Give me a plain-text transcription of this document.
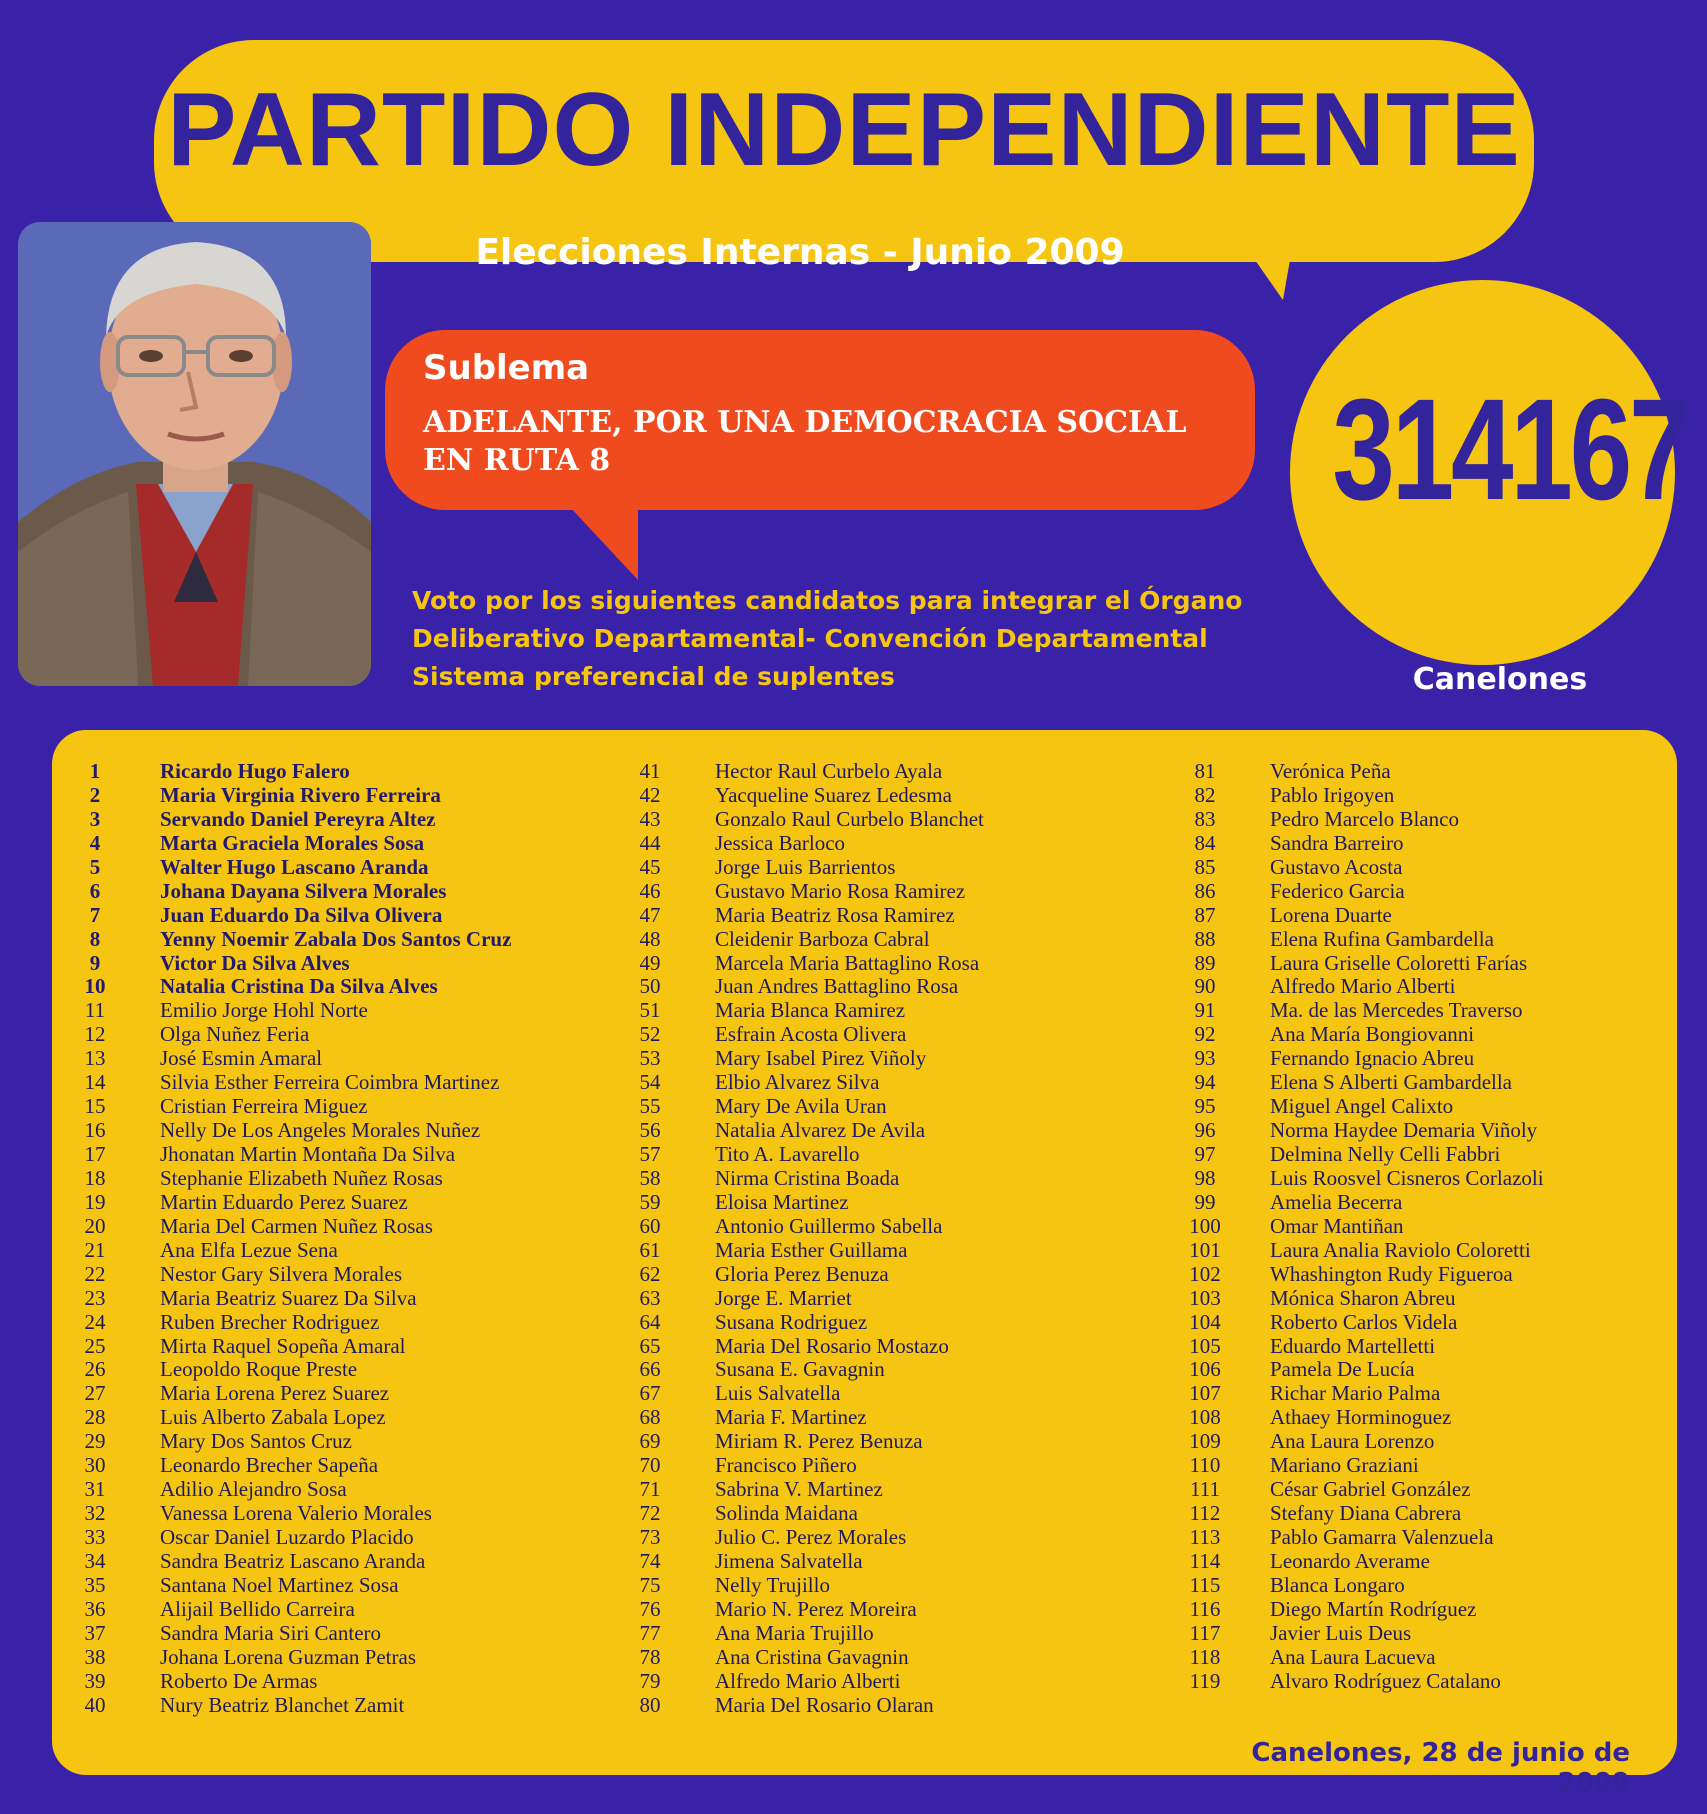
PARTIDO INDEPENDIENTE

Elecciones Internas - Junio 2009

Sublema

ADELANTE, POR UNA DEMOCRACIA SOCIAL EN RUTA 8	314167

Canelones

Voto por los siguientes candidatos para integrar el Órgano
Deliberativo Departamental- Convención Departamental
Sistema preferencial de suplentes
1	Ricardo Hugo Falero
2	Maria Virginia Rivero Ferreira
3	Servando Daniel Pereyra Altez
4	Marta Graciela Morales Sosa
5	Walter Hugo Lascano Aranda
6	Johana Dayana Silvera Morales
7	Juan Eduardo Da Silva Olivera
8	Yenny Noemir Zabala Dos Santos Cruz
9	Victor Da Silva Alves
10	Natalia Cristina Da Silva Alves
11	Emilio Jorge Hohl Norte
12	Olga Nuñez Feria
13	José Esmin Amaral
14	Silvia Esther Ferreira Coimbra Martinez
15	Cristian Ferreira Miguez
16	Nelly De Los Angeles Morales Nuñez
17	Jhonatan Martin Montaña Da Silva
18	Stephanie Elizabeth Nuñez Rosas
19	Martin Eduardo Perez Suarez
20	Maria Del Carmen Nuñez Rosas
21	Ana Elfa Lezue Sena
22	Nestor Gary Silvera Morales
23	Maria Beatriz Suarez Da Silva
24	Ruben Brecher Rodriguez
25	Mirta Raquel Sopeña Amaral
26	Leopoldo Roque Preste
27	Maria Lorena Perez Suarez
28	Luis Alberto Zabala Lopez
29	Mary Dos Santos Cruz
30	Leonardo Brecher Sapeña
31	Adilio Alejandro Sosa
32	Vanessa Lorena Valerio Morales
33	Oscar Daniel Luzardo Placido
34	Sandra Beatriz Lascano Aranda
35	Santana Noel Martinez Sosa
36	Alijail Bellido Carreira
37	Sandra Maria Siri Cantero
38	Johana Lorena Guzman Petras
39	Roberto De Armas
40	Nury Beatriz Blanchet Zamit
41	Hector Raul Curbelo Ayala
42	Yacqueline Suarez Ledesma
43	Gonzalo Raul Curbelo Blanchet
44	Jessica Barloco
45	Jorge Luis Barrientos
46	Gustavo Mario Rosa Ramirez
47	Maria Beatriz Rosa Ramirez
48	Cleidenir Barboza Cabral
49	Marcela Maria Battaglino Rosa
50	Juan Andres Battaglino Rosa
51	Maria Blanca Ramirez
52	Esfrain Acosta Olivera
53	Mary Isabel Pirez Viñoly
54	Elbio Alvarez Silva
55	Mary De Avila Uran
56	Natalia Alvarez De Avila
57	Tito A. Lavarello
58	Nirma Cristina Boada
59	Eloisa Martinez
60	Antonio Guillermo Sabella
61	Maria Esther Guillama
62	Gloria Perez Benuza
63	Jorge E. Marriet
64	Susana Rodriguez
65	Maria Del Rosario Mostazo
66	Susana E. Gavagnin
67	Luis Salvatella
68	Maria F. Martinez
69	Miriam R. Perez Benuza
70	Francisco Piñero
71	Sabrina V. Martinez
72	Solinda Maidana
73	Julio C. Perez Morales
74	Jimena Salvatella
75	Nelly Trujillo
76	Mario N. Perez Moreira
77	Ana Maria Trujillo
78	Ana Cristina Gavagnin
79	Alfredo Mario Alberti
80	Maria Del Rosario Olaran
81	Verónica Peña
82	Pablo Irigoyen
83	Pedro Marcelo Blanco
84	Sandra Barreiro
85	Gustavo Acosta
86	Federico Garcia
87	Lorena Duarte
88	Elena Rufina Gambardella
89	Laura Griselle Coloretti Farías
90	Alfredo Mario Alberti
91	Ma. de las Mercedes Traverso
92	Ana María Bongiovanni
93	Fernando Ignacio Abreu
94	Elena S Alberti Gambardella
95	Miguel Angel Calixto
96	Norma Haydee Demaria Viñoly
97	Delmina Nelly Celli Fabbri
98	Luis Roosvel Cisneros Corlazoli
99	Amelia Becerra
100	Omar Mantiñan
101	Laura Analia Raviolo Coloretti
102	Whashington Rudy Figueroa
103	Mónica Sharon Abreu
104	Roberto Carlos Videla
105	Eduardo Martelletti
106	Pamela De Lucía
107	Richar Mario Palma
108	Athaey Horminoguez
109	Ana Laura Lorenzo
110	Mariano Graziani
111	César Gabriel González
112	Stefany Diana Cabrera
113	Pablo Gamarra Valenzuela
114	Leonardo Averame
115	Blanca Longaro
116	Diego Martín Rodríguez
117	Javier Luis Deus
118	Ana Laura Lacueva
119	Alvaro Rodríguez Catalano

Canelones, 28 de junio de 2009
